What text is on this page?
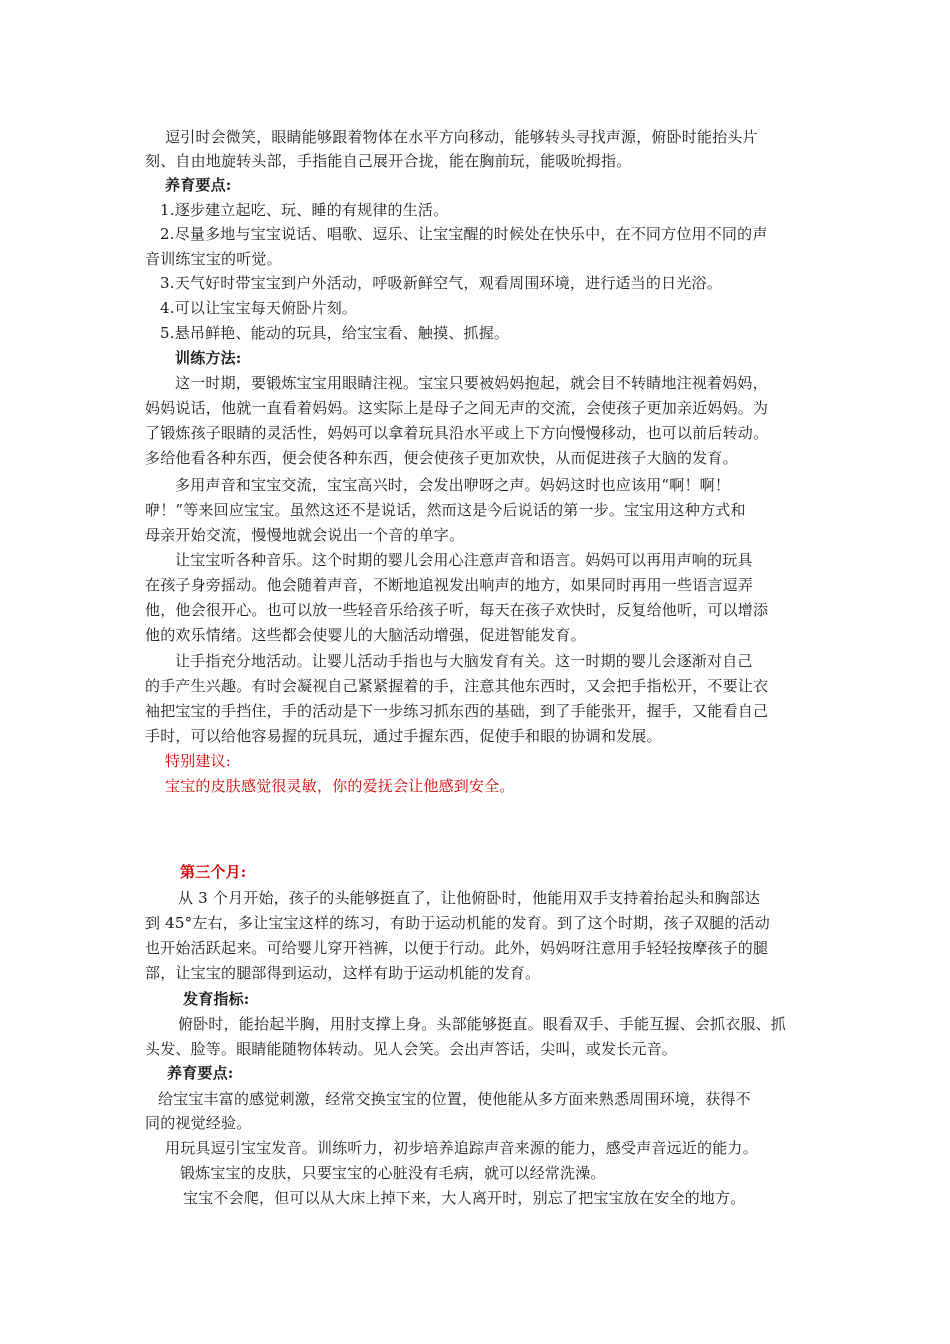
逗引时会微笑，眼睛能够跟着物体在水平方向移动，能够转头寻找声源，俯卧时能抬头片
刻、自由地旋转头部，手指能自己展开合拢，能在胸前玩，能吸吮拇指。
养育要点:
1.逐步建立起吃、玩、睡的有规律的生活。
2.尽量多地与宝宝说话、唱歌、逗乐、让宝宝醒的时候处在快乐中，在不同方位用不同的声
音训练宝宝的听觉。
3.天气好时带宝宝到户外活动，呼吸新鲜空气，观看周围环境，进行适当的日光浴。
4.可以让宝宝每天俯卧片刻。
5.悬吊鲜艳、能动的玩具，给宝宝看、触摸、抓握。
训练方法:
这一时期，要锻炼宝宝用眼睛注视。宝宝只要被妈妈抱起，就会目不转睛地注视着妈妈，
妈妈说话，他就一直看着妈妈。这实际上是母子之间无声的交流，会使孩子更加亲近妈妈。为
了锻炼孩子眼睛的灵活性，妈妈可以拿着玩具沿水平或上下方向慢慢移动，也可以前后转动。
多给他看各种东西，便会使各种东西，便会使孩子更加欢快，从而促进孩子大脑的发育。
多用声音和宝宝交流，宝宝高兴时，会发出咿呀之声。妈妈这时也应该用“啊！啊！
咿！”等来回应宝宝。虽然这还不是说话，然而这是今后说话的第一步。宝宝用这种方式和
母亲开始交流，慢慢地就会说出一个音的单字。
让宝宝听各种音乐。这个时期的婴儿会用心注意声音和语言。妈妈可以再用声响的玩具
在孩子身旁摇动。他会随着声音，不断地追视发出响声的地方，如果同时再用一些语言逗弄
他，他会很开心。也可以放一些轻音乐给孩子听，每天在孩子欢快时，反复给他听，可以增添
他的欢乐情绪。这些都会使婴儿的大脑活动增强，促进智能发育。
让手指充分地活动。让婴儿活动手指也与大脑发育有关。这一时期的婴儿会逐渐对自己
的手产生兴趣。有时会凝视自己紧紧握着的手，注意其他东西时，又会把手指松开，不要让衣
袖把宝宝的手挡住，手的活动是下一步练习抓东西的基础，到了手能张开，握手，又能看自己
手时，可以给他容易握的玩具玩，通过手握东西，促使手和眼的协调和发展。
特别建议:
宝宝的皮肤感觉很灵敏，你的爱抚会让他感到安全。
第三个月:
从 3 个月开始，孩子的头能够挺直了，让他俯卧时，他能用双手支持着抬起头和胸部达
到 45°左右，多让宝宝这样的练习，有助于运动机能的发育。到了这个时期，孩子双腿的活动
也开始活跃起来。可给婴儿穿开裆裤，以便于行动。此外，妈妈呀注意用手轻轻按摩孩子的腿
部，让宝宝的腿部得到运动，这样有助于运动机能的发育。
发育指标:
俯卧时，能抬起半胸，用肘支撑上身。头部能够挺直。眼看双手、手能互握、会抓衣服、抓
头发、脸等。眼睛能随物体转动。见人会笑。会出声答话，尖叫，或发长元音。
养育要点:
给宝宝丰富的感觉刺激，经常交换宝宝的位置，使他能从多方面来熟悉周围环境，获得不
同的视觉经验。
用玩具逗引宝宝发音。训练听力，初步培养追踪声音来源的能力，感受声音远近的能力。
锻炼宝宝的皮肤，只要宝宝的心脏没有毛病，就可以经常洗澡。
宝宝不会爬，但可以从大床上掉下来，大人离开时，别忘了把宝宝放在安全的地方。
